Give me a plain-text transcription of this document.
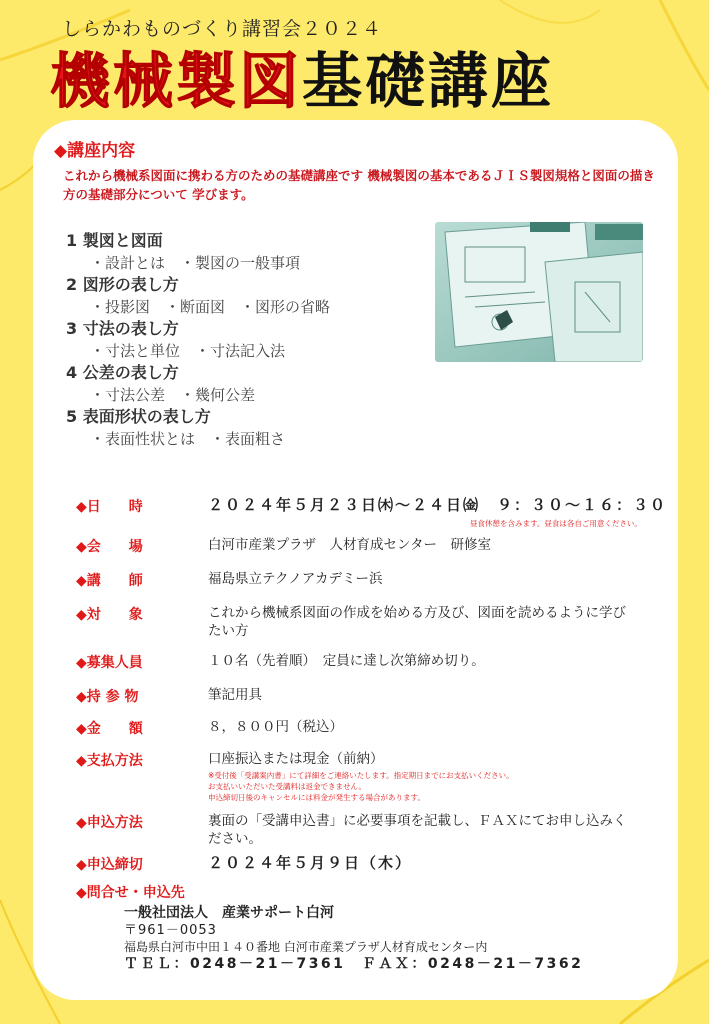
しらかわものづくり講習会２０２４
機械製図基礎講座
◆講座内容

これから機械系図面に携わる方のための基礎講座です 機械製図の基本であるＪＩＳ製図規格と図面の描き方の基礎部分について 学びます。

1 製図と図面

・設計とは　・製図の一般事項

2 図形の表し方

・投影図　・断面図　・図形の省略

3 寸法の表し方

・寸法と単位　・寸法記入法

4 公差の表し方

・寸法公差　・幾何公差

5 表面形状の表し方

・表面性状とは　・表面粗さ

◆日　　時	２０２４年５月２３日㈭～２４日㈮　９：３０～１６：３０
昼食休憩を含みます。昼食は各自ご用意ください。
◆会　　場	白河市産業プラザ　人材育成センター　研修室
◆講　　師	福島県立テクノアカデミー浜
◆対　　象	これから機械系図面の作成を始める方及び、図面を読めるように学びたい方
◆募集人員	１０名（先着順）　定員に達し次第締め切り。
◆持 参 物	筆記用具
◆金　　額	８，８００円（税込）
◆支払方法	口座振込または現金（前納）
※受付後「受講案内書」にて詳細をご連絡いたします。指定期日までにお支払いください。
お支払いいただいた受講料は返金できません。
申込締切日後のキャンセルには料金が発生する場合があります。
◆申込方法	裏面の「受講申込書」に必要事項を記載し、ＦＡＸにてお申し込みください。
◆申込締切	２０２４年５月９日（木）
◆問合せ・申込先

一般社団法人　産業サポート白河

〒961－0053

福島県白河市中田１４０番地 白河市産業プラザ人材育成センター内

ＴＥＬ：0248－21－7361　ＦＡＸ：0248－21－7362
